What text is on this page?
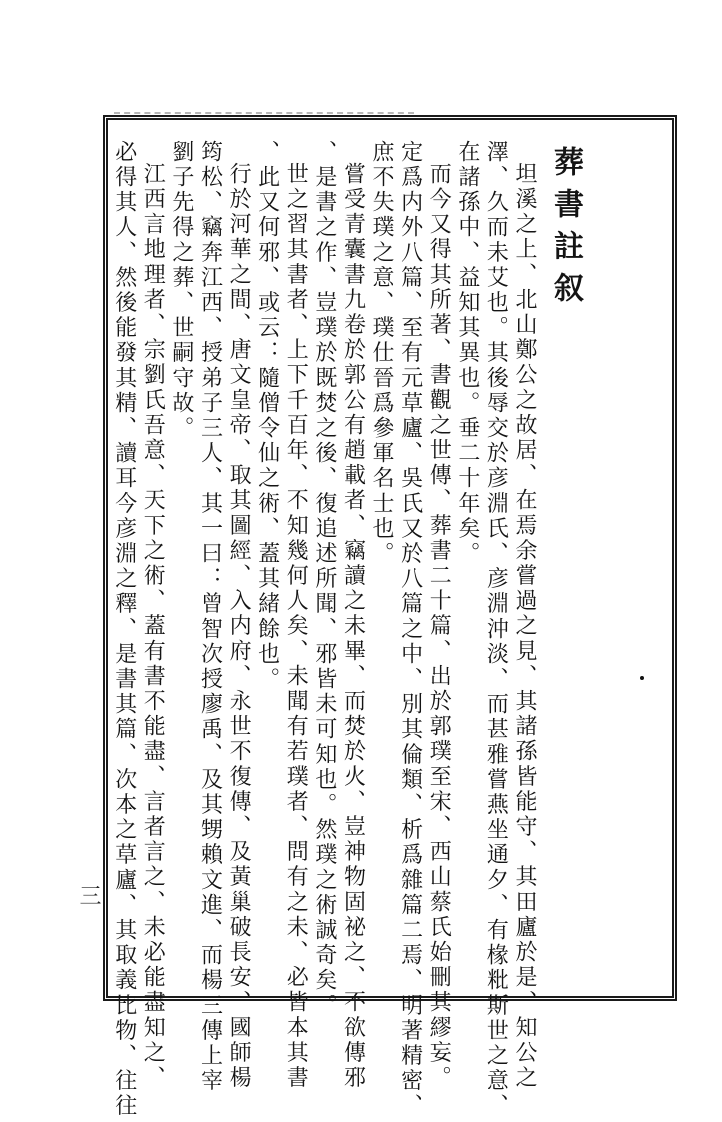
葬書註叙
坦溪之上、北山鄭公之故居、在焉余嘗過之見、其諸孫皆能守、其田廬於是、知公之
澤、久而未艾也。其後辱交於彦淵氏、彦淵沖淡、而甚雅嘗燕坐通夕、有椽粃斯世之意、
在諸孫中、益知其異也。垂二十年矣。
而今又得其所著、書觀之世傳、葬書二十篇、出於郭璞至宋、西山蔡氏始刪其繆妄。
定爲内外八篇、至有元草廬、吳氏又於八篇之中、別其倫類、析爲雜篇二焉、明著精密、
庶不失璞之意、璞仕晉爲參軍名士也。
嘗受青囊書九卷於郭公有趙載者、竊讀之未畢、而焚於火、豈神物固祕之、不欲傳邪
、是書之作、豈璞於既焚之後、復追述所聞、邪皆未可知也。然璞之術誠奇矣。
世之習其書者、上下千百年、不知幾何人矣、未聞有若璞者、問有之未、必皆本其書
、此又何邪、或云：隨僧令仙之術、蓋其緒餘也。
行於河華之間、唐文皇帝、取其圖經、入内府、永世不復傳、及黃巢破長安、國師楊
筠松、竊奔江西、授弟子三人、其一曰：曾智次授廖禹、及其甥賴文進、而楊三傳上宰
劉子先得之葬、世嗣守故。
江西言地理者、宗劉氏吾意、天下之術、蓋有書不能盡、言者言之、未必能盡知之、
必得其人、然後能發其精、讀耳今彦淵之釋、是書其篇、次本之草廬、其取義比物、往往
三
